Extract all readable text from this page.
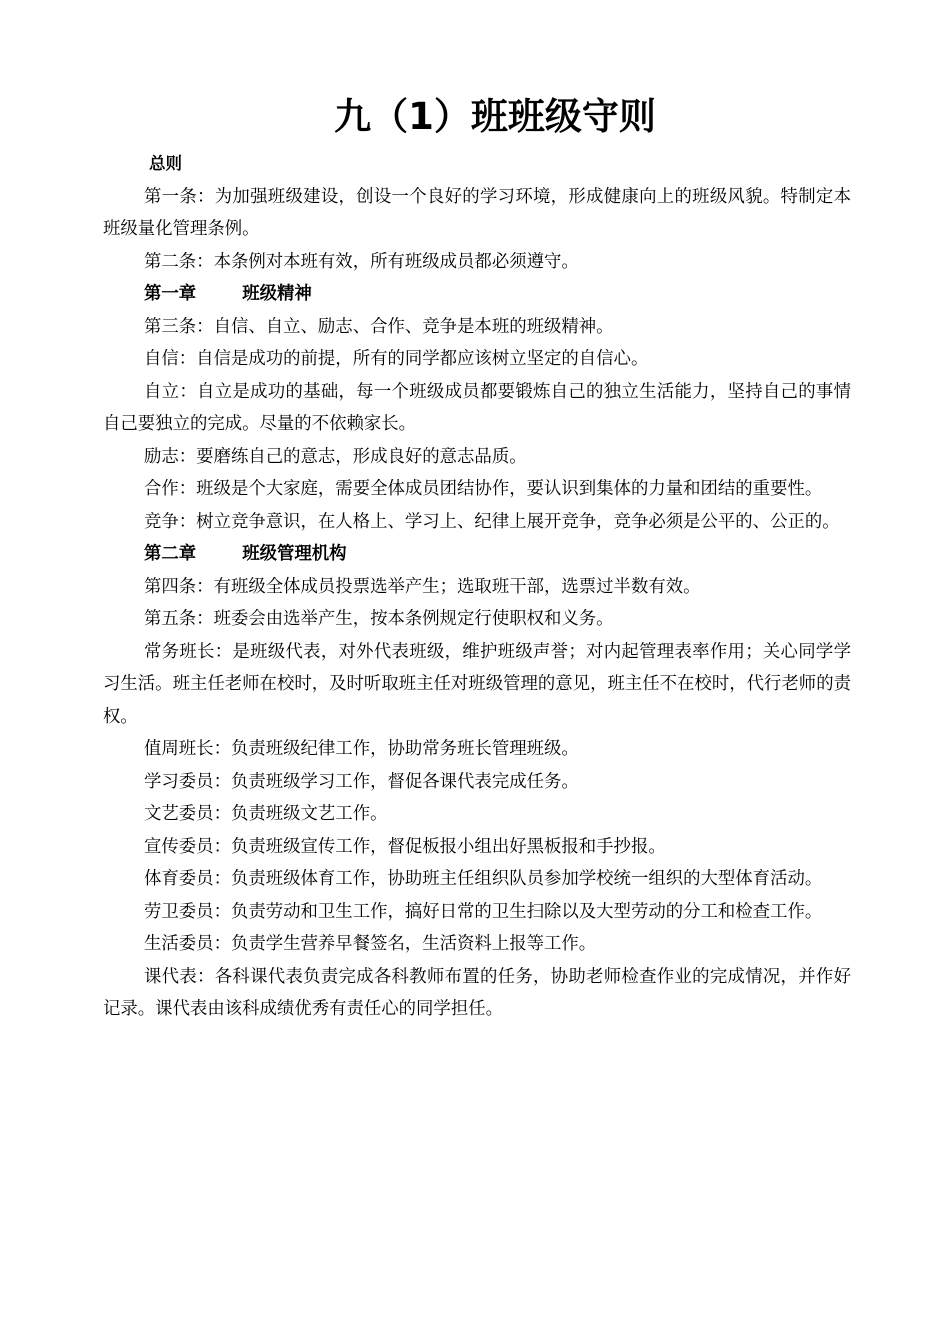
九（1）班班级守则

总则

第一条：为加强班级建设，创设一个良好的学习环境，形成健康向上的班级风貌。特制定本班级量化管理条例。

第二条：本条例对本班有效，所有班级成员都必须遵守。

第一章	班级精神

第三条：自信、自立、励志、合作、竞争是本班的班级精神。

自信：自信是成功的前提，所有的同学都应该树立坚定的自信心。

自立：自立是成功的基础，每一个班级成员都要锻炼自己的独立生活能力，坚持自己的事情自己要独立的完成。尽量的不依赖家长。

励志：要磨练自己的意志，形成良好的意志品质。

合作：班级是个大家庭，需要全体成员团结协作，要认识到集体的力量和团结的重要性。

竞争：树立竞争意识，在人格上、学习上、纪律上展开竞争，竞争必须是公平的、公正的。

第二章	班级管理机构

第四条：有班级全体成员投票选举产生；选取班干部，选票过半数有效。

第五条：班委会由选举产生，按本条例规定行使职权和义务。

常务班长：是班级代表，对外代表班级，维护班级声誉；对内起管理表率作用；关心同学学习生活。班主任老师在校时，及时听取班主任对班级管理的意见，班主任不在校时，代行老师的责权。

值周班长：负责班级纪律工作，协助常务班长管理班级。

学习委员：负责班级学习工作，督促各课代表完成任务。

文艺委员：负责班级文艺工作。

宣传委员：负责班级宣传工作，督促板报小组出好黑板报和手抄报。

体育委员：负责班级体育工作，协助班主任组织队员参加学校统一组织的大型体育活动。

劳卫委员：负责劳动和卫生工作，搞好日常的卫生扫除以及大型劳动的分工和检查工作。

生活委员：负责学生营养早餐签名，生活资料上报等工作。

课代表：各科课代表负责完成各科教师布置的任务，协助老师检查作业的完成情况，并作好记录。课代表由该科成绩优秀有责任心的同学担任。
